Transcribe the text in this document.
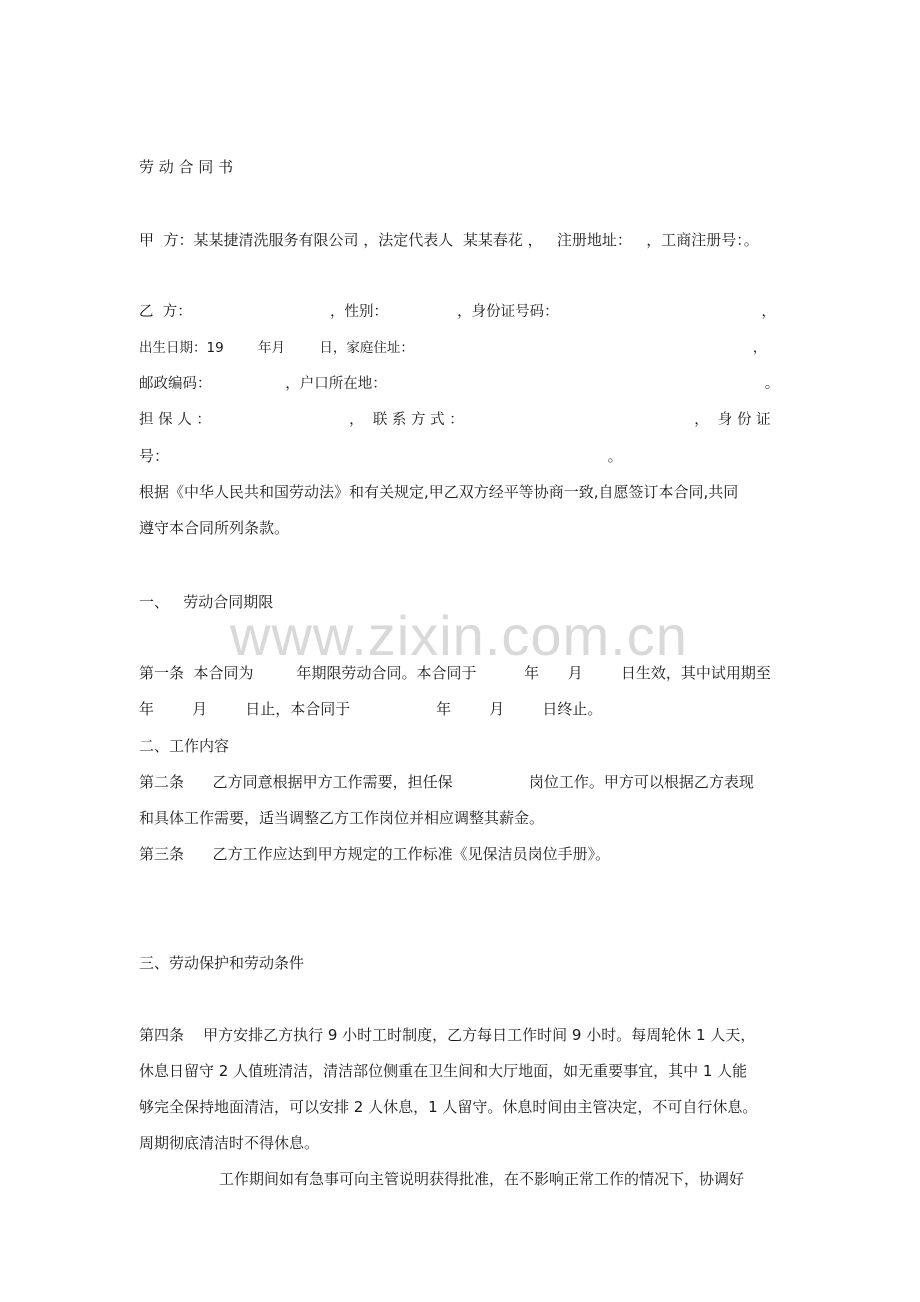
www.zixin.com.cn
劳 动 合 同 书
甲  方：某某捷清洗服务有限公司 ，法定代表人  某某春花 ，   注册地址：   ，工商注册号：。
乙  方：                              ，性别：               ，身份证号码：                                            ，
出生日期：19        年月        日，家庭住址：                                                                               ，
邮政编码：                ，户口所在地：                                                                                  。
担 保 人 ：                              ，  联 系 方 式 ：                                                  ，  身 份 证
号：                                                                                            。
根据《中华人民共和国劳动法》和有关规定,甲乙双方经平等协商一致,自愿签订本合同,共同
遵守本合同所列条款。
一、   劳动合同期限
第一条  本合同为         年期限劳动合同。本合同于          年      月        日生效，其中试用期至
年        月        日止，本合同于                  年        月        日终止。
二、工作内容
第二条      乙方同意根据甲方工作需要，担任保                岗位工作。甲方可以根据乙方表现
和具体工作需要，适当调整乙方工作岗位并相应调整其薪金。
第三条      乙方工作应达到甲方规定的工作标准《见保洁员岗位手册》。
三、劳动保护和劳动条件
第四条    甲方安排乙方执行 9 小时工时制度，乙方每日工作时间 9 小时。每周轮休 1 人天，
休息日留守 2 人值班清洁，清洁部位侧重在卫生间和大厅地面，如无重要事宜，其中 1 人能
够完全保持地面清洁，可以安排 2 人休息，1 人留守。休息时间由主管决定，不可自行休息。
周期彻底清洁时不得休息。
工作期间如有急事可向主管说明获得批准，在不影响正常工作的情况下，协调好
